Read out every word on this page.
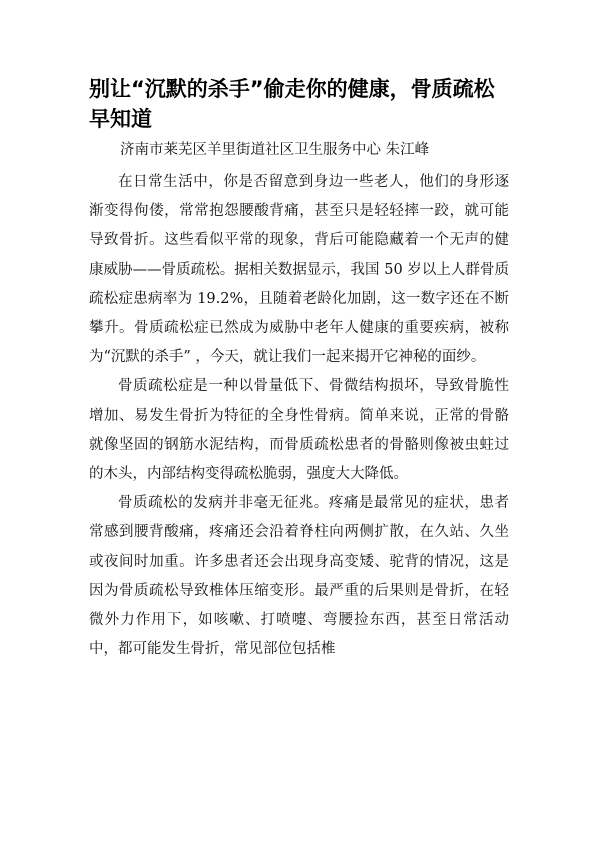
别让“沉默的杀手”偷走你的健康，骨质疏松早知道
济南市莱芜区羊里街道社区卫生服务中心 朱江峰

在日常生活中，你是否留意到身边一些老人，他们的身形逐渐变得佝偻，常常抱怨腰酸背痛，甚至只是轻轻摔一跤，就可能导致骨折。这些看似平常的现象，背后可能隐藏着一个无声的健康威胁——骨质疏松。据相关数据显示，我国 50 岁以上人群骨质疏松症患病率为 19.2%，且随着老龄化加剧，这一数字还在不断攀升。骨质疏松症已然成为威胁中老年人健康的重要疾病，被称为“沉默的杀手” ，今天，就让我们一起来揭开它神秘的面纱。

骨质疏松症是一种以骨量低下、骨微结构损坏，导致骨脆性增加、易发生骨折为特征的全身性骨病。简单来说，正常的骨骼就像坚固的钢筋水泥结构，而骨质疏松患者的骨骼则像被虫蛀过的木头，内部结构变得疏松脆弱，强度大大降低。

骨质疏松的发病并非毫无征兆。疼痛是最常见的症状，患者常感到腰背酸痛，疼痛还会沿着脊柱向两侧扩散，在久站、久坐或夜间时加重。许多患者还会出现身高变矮、驼背的情况，这是因为骨质疏松导致椎体压缩变形。最严重的后果则是骨折，在轻微外力作用下，如咳嗽、打喷嚏、弯腰捡东西，甚至日常活动中，都可能发生骨折，常见部位包括椎
